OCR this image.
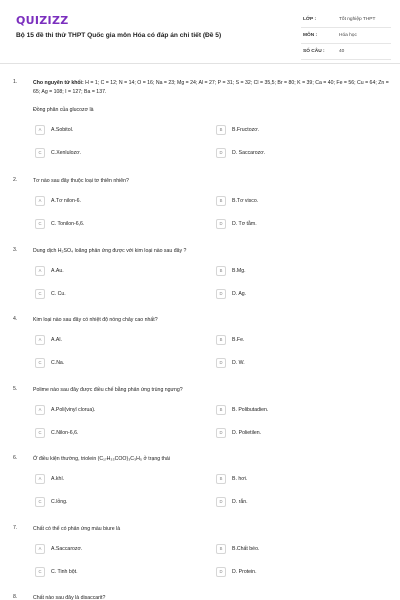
QUIZIZZ
Bộ 15 đề thi thử THPT Quốc gia môn Hóa có đáp án chi tiết (Đề 5)
LỚP :	Tốt nghiệp THPT
MÔN :	Hóa học
SỐ CÂU :	40
1.	Cho nguyên tử khối: H = 1; C = 12; N = 14; O = 16; Na = 23; Mg = 24; Al = 27; P = 31; S = 32; Cl = 35,5; Br = 80; K = 39; Ca = 40; Fe = 56; Cu = 64; Zn = 65; Ag = 108; I = 127; Ba = 137.
Đồng phân của glucozơ là
A	A.Sobitol.	B	B.Fructozơ.
C	C.Xenlulozơ.	D	D. Saccarozơ.
2.	Tơ nào sau đây thuộc loại tơ thiên nhiên?
A	A.Tơ nilon-6.	B	B.Tơ visco.
C	C. Tonilon-6,6.	D	D. Tơ tằm.
3.	Dung dịch H₂SO₄ loãng phản ứng được với kim loại nào sau đây ?
A	A.Au.	B	B.Mg.
C	C. Cu.	D	D. Ag.
4.	Kim loại nào sau đây có nhiệt độ nóng chảy cao nhất?
A	A.Al.	B	B.Fe.
C	C.Na.	D	D. W.
5.	Polime nào sau đây được điều chế bằng phản ứng trùng ngưng?
A	A.Poli(vinyl clorua).	B	B. Polibutadien.
C	C.Nilon-6,6.	D	D. Polietilen.
6.	Ở điều kiện thường, triolein (C₁₇H₃₃COO)₃C₃H₅ ở trạng thái
A	A.khí.	B	B. hơi.
C	C.lỏng.	D	D. rắn.
7.	Chất có thể có phản ứng màu biure là
A	A.Saccarozơ.	B	B.Chất béo.
C	C. Tinh bột.	D	D. Protein.
8.	Chất nào sau đây là disaccarit?
